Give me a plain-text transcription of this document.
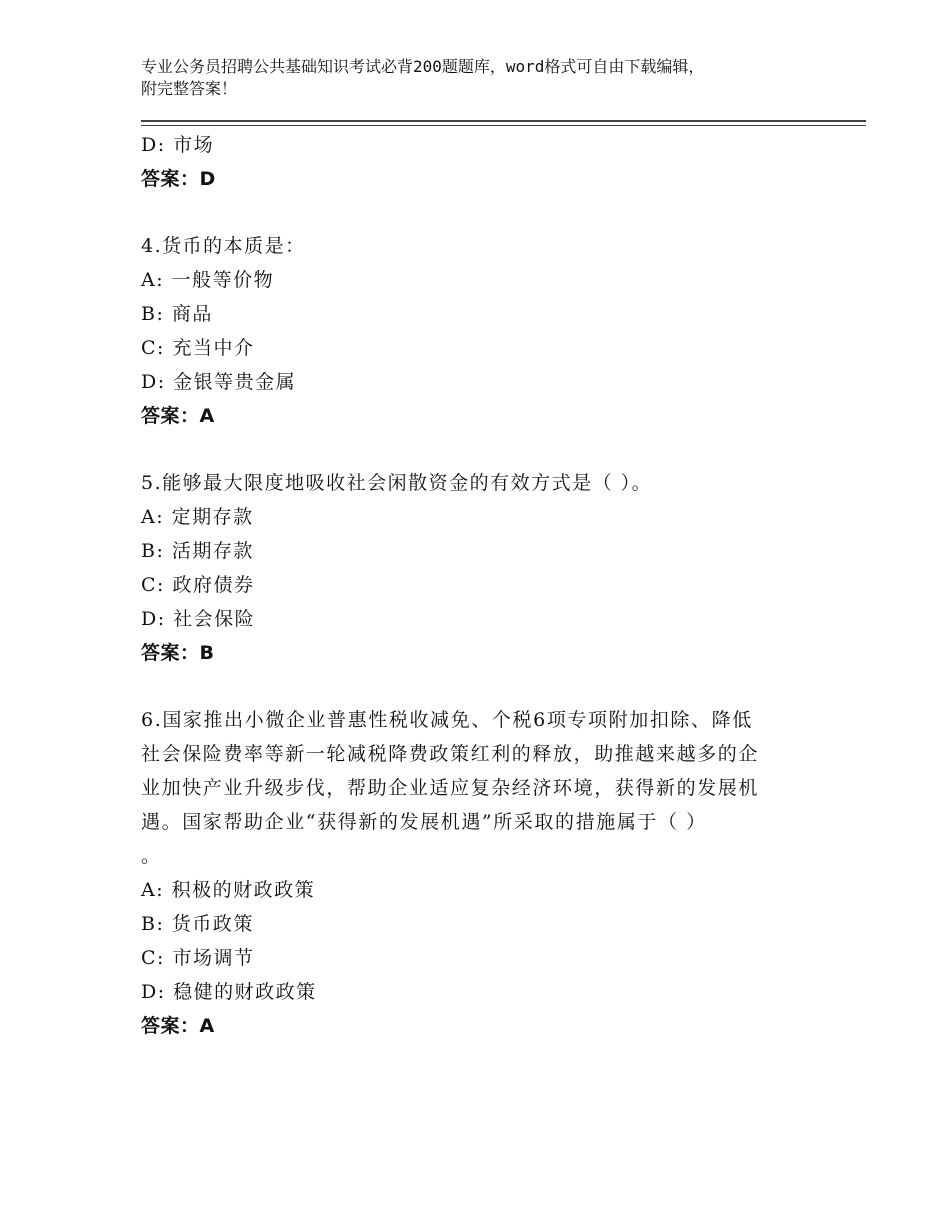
专业公务员招聘公共基础知识考试必背200题题库，word格式可自由下载编辑，
附完整答案！
D: 市场
答案：D
4.货币的本质是：
A: 一般等价物
B: 商品
C: 充当中介
D: 金银等贵金属
答案：A
5.能够最大限度地吸收社会闲散资金的有效方式是（ ）。
A: 定期存款
B: 活期存款
C: 政府债券
D: 社会保险
答案：B
6.国家推出小微企业普惠性税收减免、个税6项专项附加扣除、降低
社会保险费率等新一轮减税降费政策红利的释放，助推越来越多的企
业加快产业升级步伐，帮助企业适应复杂经济环境，获得新的发展机
遇。国家帮助企业“获得新的发展机遇”所采取的措施属于（ ）
。
A: 积极的财政政策
B: 货币政策
C: 市场调节
D: 稳健的财政政策
答案：A
